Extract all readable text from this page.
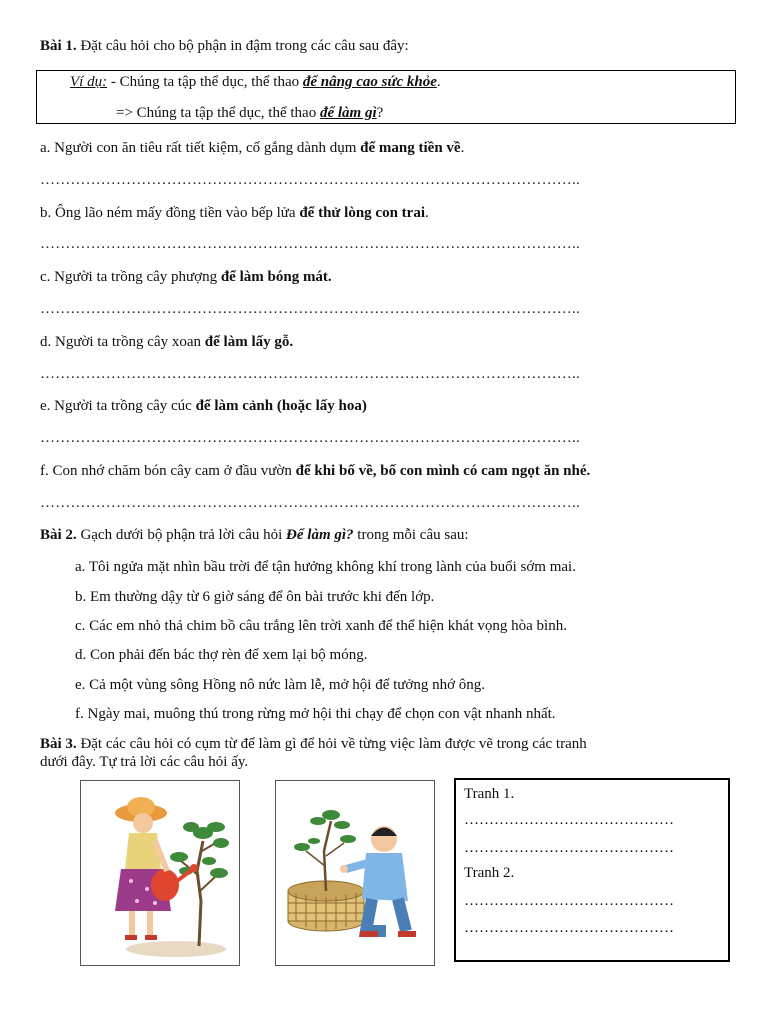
Bài 1. Đặt câu hỏi cho bộ phận in đậm trong các câu sau đây:
Ví dụ: - Chúng ta tập thể dục, thể thao để nâng cao sức khỏe.
=> Chúng ta tập thể dục, thể thao để làm gì?
a. Người con ăn tiêu rất tiết kiệm, cố gắng dành dụm để mang tiền về.
……………………………………………………………………………………………..
b. Ông lão ném mấy đồng tiền vào bếp lửa để thử lòng con trai.
……………………………………………………………………………………………..
c. Người ta trồng cây phượng để làm bóng mát.
……………………………………………………………………………………………..
d. Người ta trồng cây xoan để làm lấy gỗ.
……………………………………………………………………………………………..
e. Người ta trồng cây cúc để làm cảnh (hoặc lấy hoa)
……………………………………………………………………………………………..
f. Con nhớ chăm bón cây cam ở đầu vườn để khi bố về, bố con mình có cam ngọt ăn nhé.
……………………………………………………………………………………………..
Bài 2. Gạch dưới bộ phận trả lời câu hỏi Để làm gì? trong mỗi câu sau:
a. Tôi ngửa mặt nhìn bầu trời để tận hưởng không khí trong lành của buổi sớm mai.
b. Em thường dậy từ 6 giờ sáng để ôn bài trước khi đến lớp.
c. Các em nhỏ thả chim bồ câu trắng lên trời xanh để thể hiện khát vọng hòa bình.
d. Con phải đến bác thợ rèn để xem lại bộ móng.
e. Cả một vùng sông Hồng nô nức làm lễ, mở hội để tưởng nhớ ông.
f. Ngày mai, muông thú trong rừng mở hội thi chạy để chọn con vật nhanh nhất.
Bài 3. Đặt các câu hỏi có cụm từ để làm gì để hỏi về từng việc làm được vẽ trong các tranh
dưới đây. Tự trả lời các câu hỏi ấy.
Tranh 1.
……………………………………
……………………………………
Tranh 2.
……………………………………
……………………………………
